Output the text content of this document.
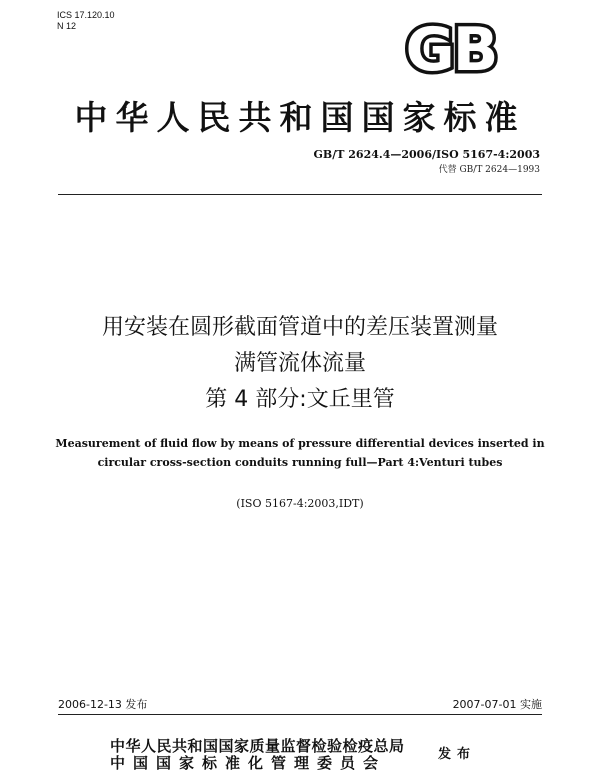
ICS 17.120.10
N 12	GB
中华人民共和国国家标准
GB/T 2624.4—2006/ISO 5167-4:2003
代替 GB/T 2624—1993
用安装在圆形截面管道中的差压装置测量
满管流体流量
第 4 部分:文丘里管
Measurement of fluid flow by means of pressure differential devices inserted in
circular cross-section conduits running full—Part 4:Venturi tubes
(ISO 5167-4:2003,IDT)
2006-12-13 发布	2007-07-01 实施
中华人民共和国国家质量监督检验检疫总局
中国国家标准化管理委员会	发布
